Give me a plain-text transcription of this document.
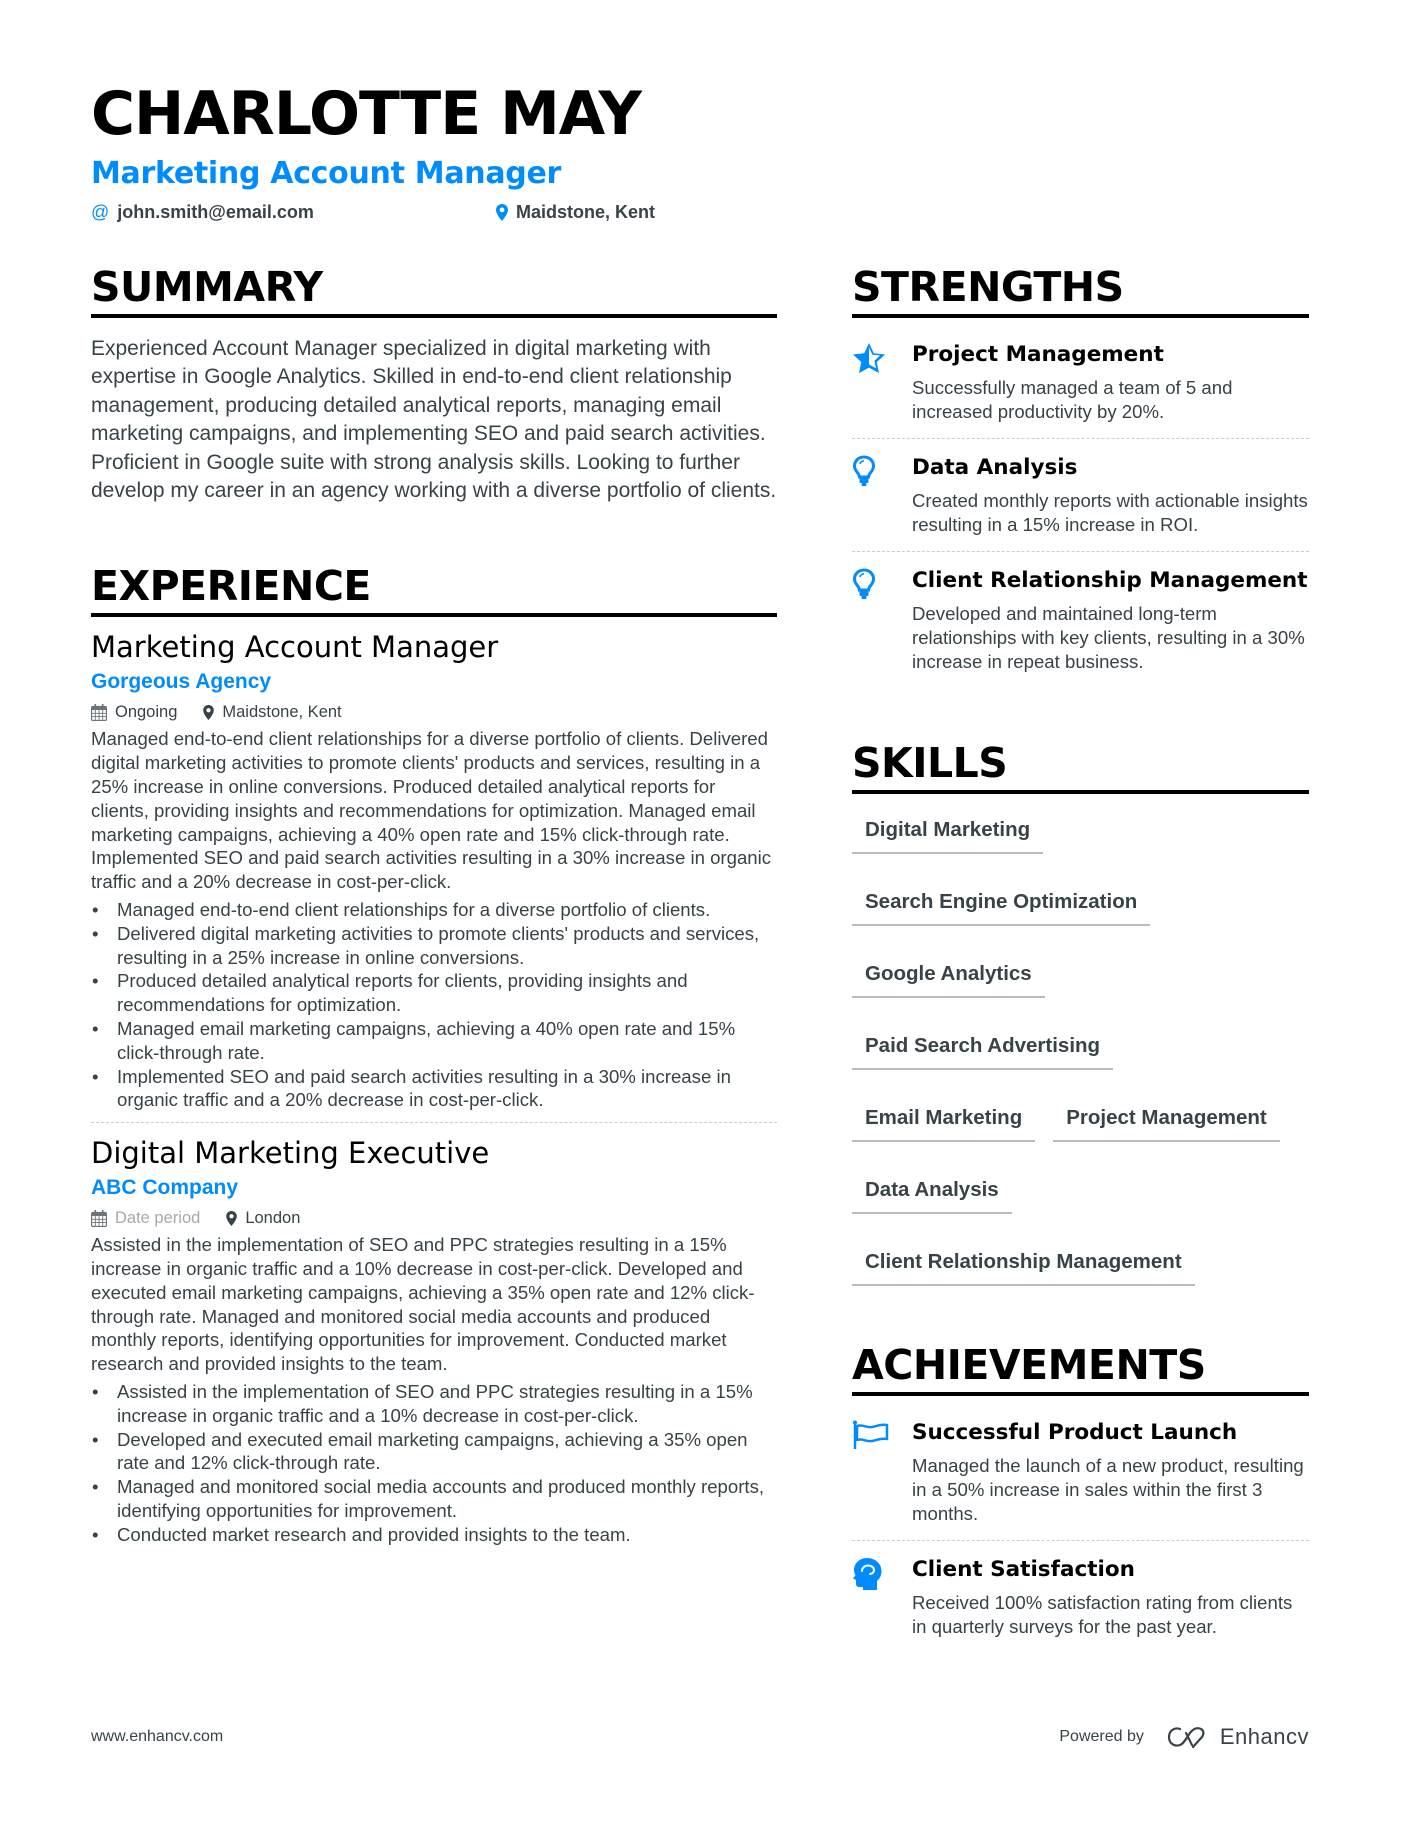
CHARLOTTE MAY
Marketing Account Manager
@ john.smith@email.com	Maidstone, Kent
SUMMARY

Experienced Account Manager specialized in digital marketing with expertise in Google Analytics. Skilled in end-to-end client relationship management, producing detailed analytical reports, managing email marketing campaigns, and implementing SEO and paid search activities. Proficient in Google suite with strong analysis skills. Looking to further develop my career in an agency working with a diverse portfolio of clients.

EXPERIENCE
Marketing Account Manager
Gorgeous Agency
Ongoing	Maidstone, Kent

Managed end-to-end client relationships for a diverse portfolio of clients. Delivered digital marketing activities to promote clients' products and services, resulting in a 25% increase in online conversions. Produced detailed analytical reports for clients, providing insights and recommendations for optimization. Managed email marketing campaigns, achieving a 40% open rate and 15% click-through rate. Implemented SEO and paid search activities resulting in a 30% increase in organic traffic and a 20% decrease in cost-per-click.

• Managed end-to-end client relationships for a diverse portfolio of clients.
• Delivered digital marketing activities to promote clients' products and services, resulting in a 25% increase in online conversions.
• Produced detailed analytical reports for clients, providing insights and recommendations for optimization.
• Managed email marketing campaigns, achieving a 40% open rate and 15% click-through rate.
• Implemented SEO and paid search activities resulting in a 30% increase in organic traffic and a 20% decrease in cost-per-click.
Digital Marketing Executive
ABC Company
Date period	London

Assisted in the implementation of SEO and PPC strategies resulting in a 15% increase in organic traffic and a 10% decrease in cost-per-click. Developed and executed email marketing campaigns, achieving a 35% open rate and 12% click-through rate. Managed and monitored social media accounts and produced monthly reports, identifying opportunities for improvement. Conducted market research and provided insights to the team.

• Assisted in the implementation of SEO and PPC strategies resulting in a 15% increase in organic traffic and a 10% decrease in cost-per-click.
• Developed and executed email marketing campaigns, achieving a 35% open rate and 12% click-through rate.
• Managed and monitored social media accounts and produced monthly reports, identifying opportunities for improvement.
• Conducted market research and provided insights to the team.
STRENGTHS
Project Management
Successfully managed a team of 5 and increased productivity by 20%.
Data Analysis
Created monthly reports with actionable insights resulting in a 15% increase in ROI.
Client Relationship Management
Developed and maintained long-term relationships with key clients, resulting in a 30% increase in repeat business.
SKILLS
Digital Marketing
Search Engine Optimization
Google Analytics
Paid Search Advertising
Email Marketing	Project Management
Data Analysis
Client Relationship Management
ACHIEVEMENTS
Successful Product Launch
Managed the launch of a new product, resulting in a 50% increase in sales within the first 3 months.
Client Satisfaction
Received 100% satisfaction rating from clients in quarterly surveys for the past year.
www.enhancv.com	Powered by	Enhancv
